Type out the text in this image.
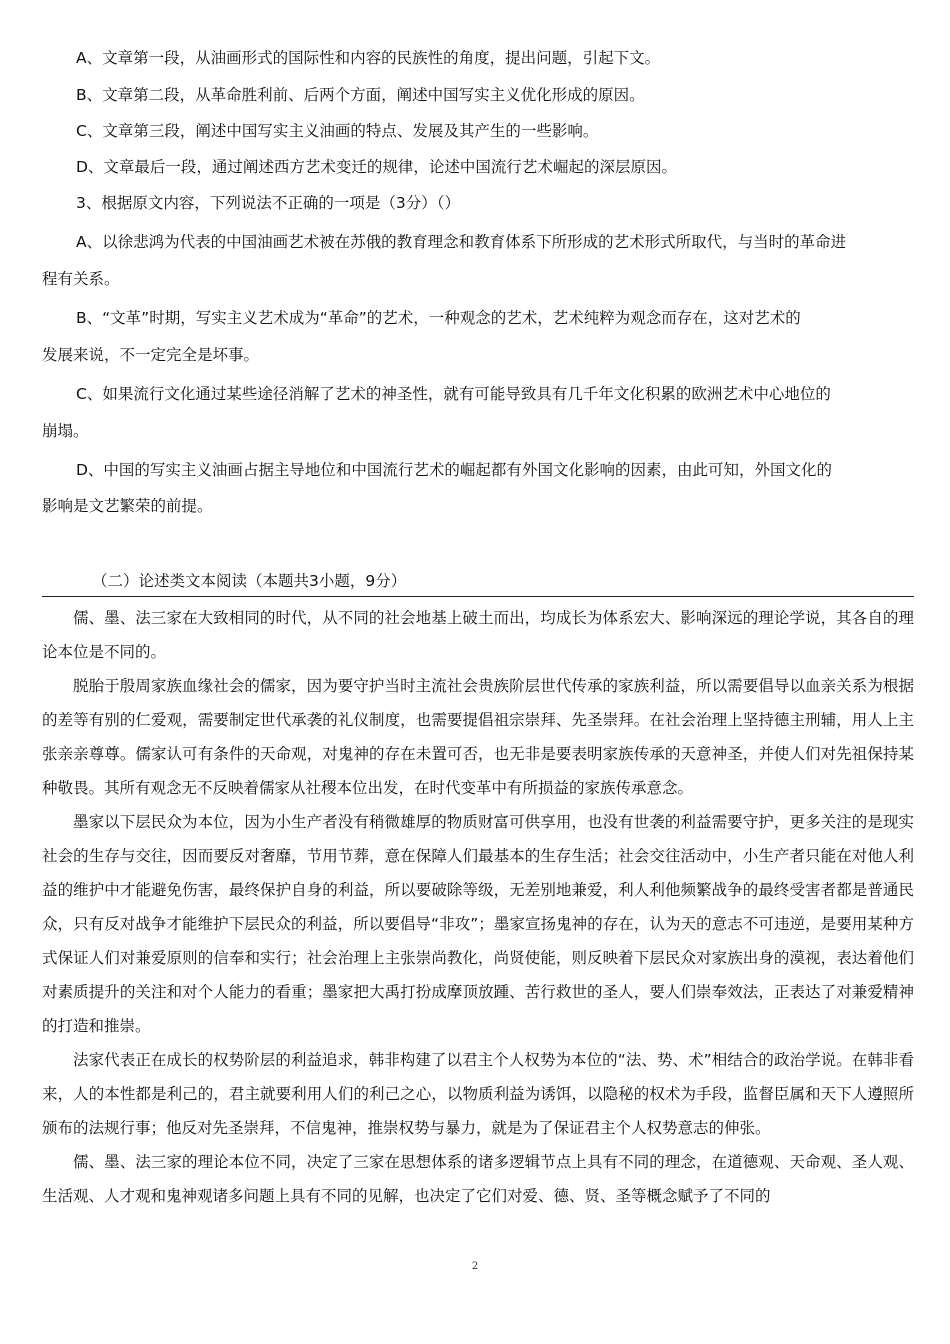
A、文章第一段，从油画形式的国际性和内容的民族性的角度，提出问题，引起下文。
B、文章第二段，从革命胜利前、后两个方面，阐述中国写实主义优化形成的原因。
C、文章第三段，阐述中国写实主义油画的特点、发展及其产生的一些影响。
D、文章最后一段，通过阐述西方艺术变迁的规律，论述中国流行艺术崛起的深层原因。
3、根据原文内容，下列说法不正确的一项是（3分）（）
A、以徐悲鸿为代表的中国油画艺术被在苏俄的教育理念和教育体系下所形成的艺术形式所取代，与当时的革命进
程有关系。
B、“文革”时期，写实主义艺术成为“革命”的艺术，一种观念的艺术，艺术纯粹为观念而存在，这对艺术的
发展来说，不一定完全是坏事。
C、如果流行文化通过某些途径消解了艺术的神圣性，就有可能导致具有几千年文化积累的欧洲艺术中心地位的
崩塌。
D、中国的写实主义油画占据主导地位和中国流行艺术的崛起都有外国文化影响的因素，由此可知，外国文化的
影响是文艺繁荣的前提。
（二）论述类文本阅读（本题共3小题，9分）

儒、墨、法三家在大致相同的时代，从不同的社会地基上破土而出，均成长为体系宏大、影响深远的理论学说，其各自的理论本位是不同的。

脱胎于殷周家族血缘社会的儒家，因为要守护当时主流社会贵族阶层世代传承的家族利益，所以需要倡导以血亲关系为根据的差等有别的仁爱观，需要制定世代承袭的礼仪制度，也需要提倡祖宗崇拜、先圣崇拜。在社会治理上坚持德主刑辅，用人上主张亲亲尊尊。儒家认可有条件的天命观，对鬼神的存在未置可否，也无非是要表明家族传承的天意神圣，并使人们对先祖保持某种敬畏。其所有观念无不反映着儒家从社稷本位出发，在时代变革中有所损益的家族传承意念。

墨家以下层民众为本位，因为小生产者没有稍微雄厚的物质财富可供享用，也没有世袭的利益需要守护，更多关注的是现实社会的生存与交往，因而要反对奢靡，节用节葬，意在保障人们最基本的生存生活；社会交往活动中，小生产者只能在对他人利益的维护中才能避免伤害，最终保护自身的利益，所以要破除等级，无差别地兼爱，利人利他频繁战争的最终受害者都是普通民众，只有反对战争才能维护下层民众的利益，所以要倡导“非攻”；墨家宣扬鬼神的存在，认为天的意志不可违逆，是要用某种方式保证人们对兼爱原则的信奉和实行；社会治理上主张崇尚教化，尚贤使能，则反映着下层民众对家族出身的漠视，表达着他们对素质提升的关注和对个人能力的看重；墨家把大禹打扮成摩顶放踵、苦行救世的圣人，要人们崇奉效法，正表达了对兼爱精神的打造和推崇。

法家代表正在成长的权势阶层的利益追求，韩非构建了以君主个人权势为本位的“法、势、术”相结合的政治学说。在韩非看来，人的本性都是利己的，君主就要利用人们的利己之心，以物质利益为诱饵，以隐秘的权术为手段，监督臣属和天下人遵照所颁布的法规行事；他反对先圣崇拜，不信鬼神，推崇权势与暴力，就是为了保证君主个人权势意志的伸张。

儒、墨、法三家的理论本位不同，决定了三家在思想体系的诸多逻辑节点上具有不同的理念，在道德观、天命观、圣人观、生活观、人才观和鬼神观诸多问题上具有不同的见解，也决定了它们对爱、德、贤、圣等概念赋予了不同的

2
